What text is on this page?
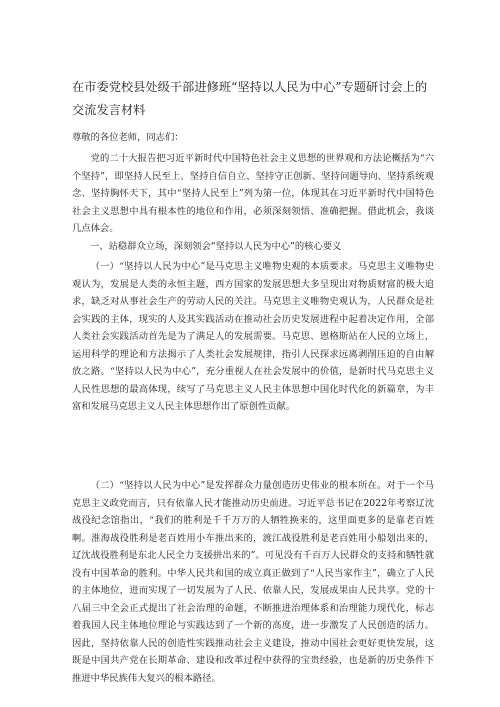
在市委党校县处级干部进修班“坚持以人民为中心”专题研讨会上的
交流发言材料
尊敬的各位老师，同志们：

党的二十大报告把习近平新时代中国特色社会主义思想的世界观和方法论概括为“六个坚持”，即坚持人民至上、坚持自信自立、坚持守正创新、坚持问题导向、坚持系统观念、坚持胸怀天下，其中“坚持人民至上”列为第一位，体现其在习近平新时代中国特色社会主义思想中具有根本性的地位和作用，必须深刻领悟、准确把握。借此机会，我谈几点体会。

一、站稳群众立场，深刻领会“坚持以人民为中心”的核心要义

（一）“坚持以人民为中心”是马克思主义唯物史观的本质要求。马克思主义唯物史观认为，发展是人类的永恒主题，西方国家的发展思想大多呈现出对物质财富的极大追求，缺乏对从事社会生产的劳动人民的关注。马克思主义唯物史观认为，人民群众是社会实践的主体，现实的人及其实践活动在推动社会历史发展进程中起着决定作用，全部人类社会实践活动首先是为了满足人的发展需要。马克思、恩格斯站在人民的立场上，运用科学的理论和方法揭示了人类社会发展规律，指引人民探求远离剥削压迫的自由解放之路。“坚持以人民为中心”，充分重视人在社会发展中的价值，是新时代马克思主义人民性思想的最高体现，续写了马克思主义人民主体思想中国化时代化的新篇章，为丰富和发展马克思主义人民主体思想作出了原创性贡献。

（二）“坚持以人民为中心”是发挥群众力量创造历史伟业的根本所在。对于一个马克思主义政党而言，只有依靠人民才能推动历史前进。习近平总书记在2022年考察辽沈战役纪念馆指出，“我们的胜利是千千万万的人牺牲换来的，这里面更多的是靠老百姓啊。淮海战役胜利是老百姓用小车推出来的，渡江战役胜利是老百姓用小船划出来的，辽沈战役胜利是东北人民全力支援拼出来的”。可见没有千百万人民群众的支持和牺牲就没有中国革命的胜利。中华人民共和国的成立真正做到了“人民当家作主”，确立了人民的主体地位，进而实现了一切发展为了人民、依靠人民，发展成果由人民共享。党的十八届三中全会正式提出了社会治理的命题，不断推进治理体系和治理能力现代化，标志着我国人民主体地位理论与实践达到了一个新的高度，进一步激发了人民创造的活力。因此，坚持依靠人民的创造性实践推动社会主义建设，推动中国社会更好更快发展，这既是中国共产党在长期革命、建设和改革过程中获得的宝贵经验，也是新的历史条件下推进中华民族伟大复兴的根本路径。
